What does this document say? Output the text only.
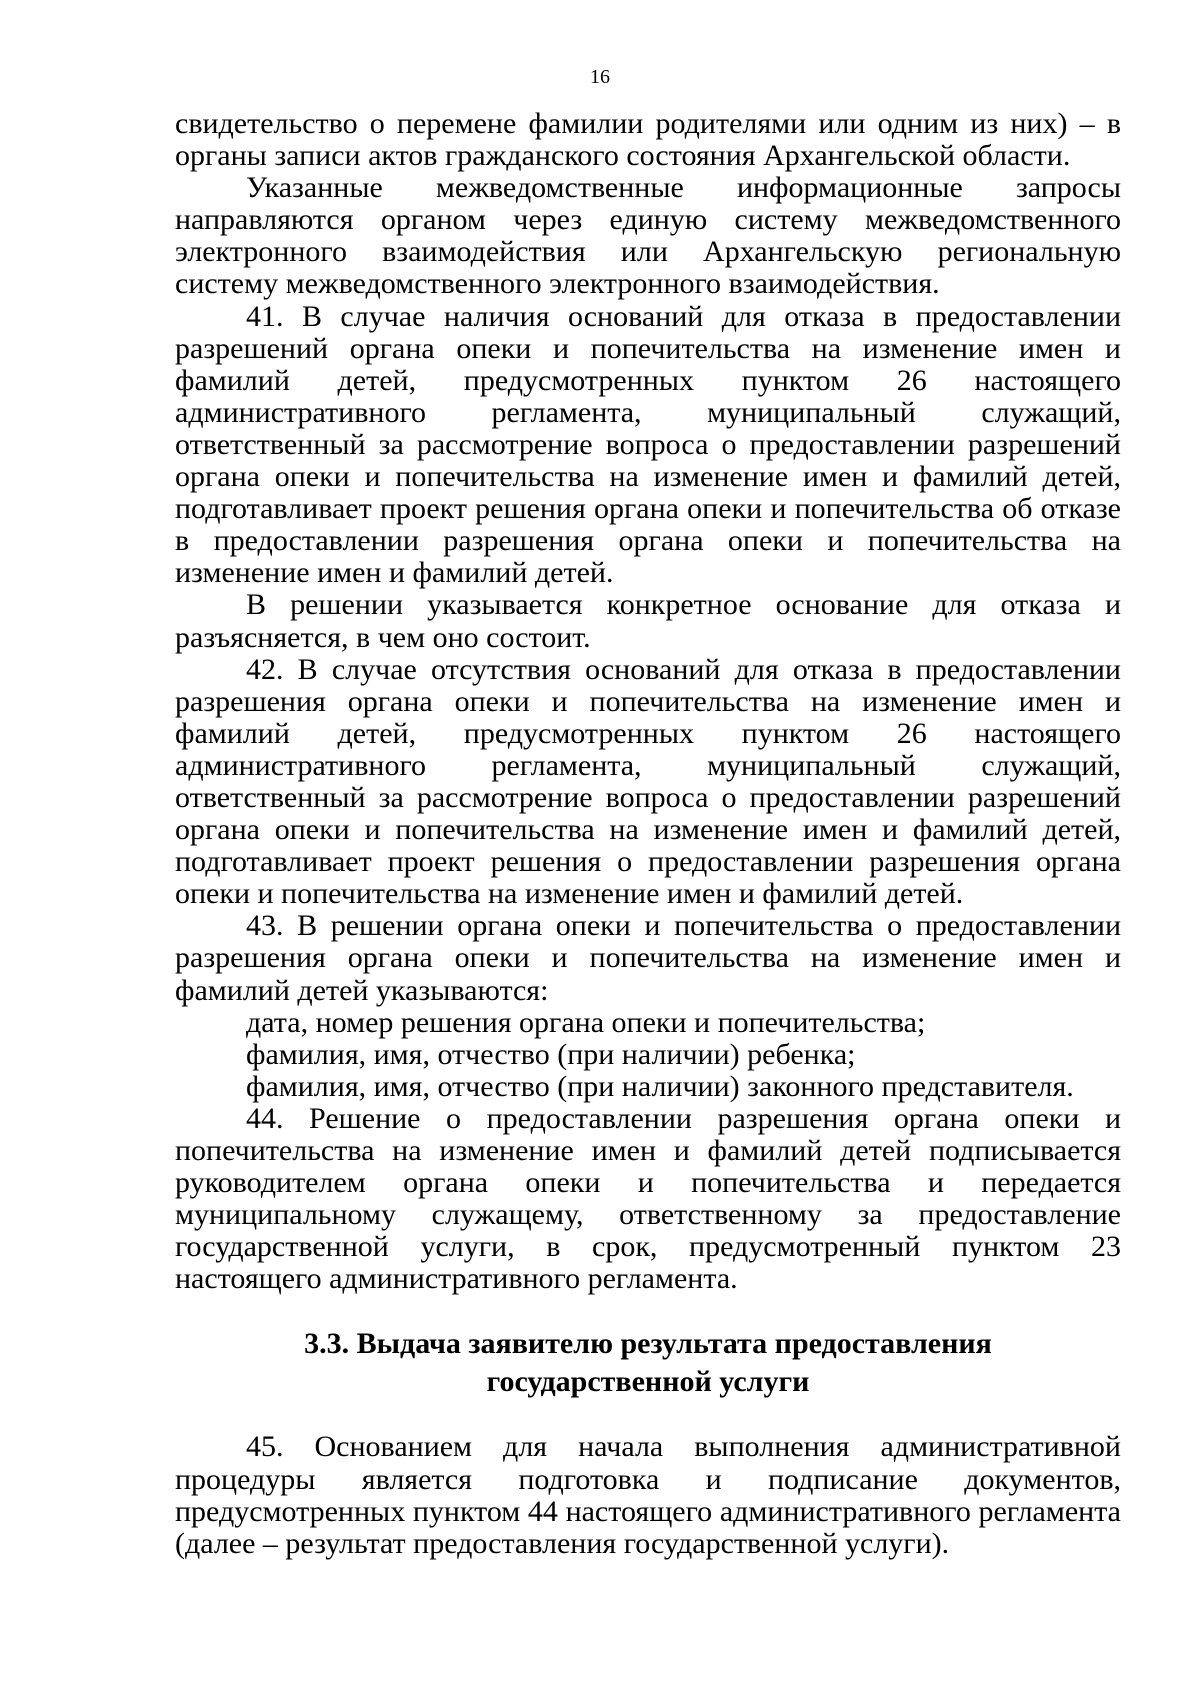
16

свидетельство о перемене фамилии родителями или одним из них) – в органы записи актов гражданского состояния Архангельской области.

Указанные межведомственные информационные запросы направляются органом через единую систему межведомственного электронного взаимодействия или Архангельскую региональную систему межведомственного электронного взаимодействия.

41. В случае наличия оснований для отказа в предоставлении разрешений органа опеки и попечительства на изменение имен и фамилий детей, предусмотренных пунктом 26 настоящего административного регламента, муниципальный служащий, ответственный за рассмотрение вопроса о предоставлении разрешений органа опеки и попечительства на изменение имен и фамилий детей, подготавливает проект решения органа опеки и попечительства об отказе в предоставлении разрешения органа опеки и попечительства на изменение имен и фамилий детей.

В решении указывается конкретное основание для отказа и разъясняется, в чем оно состоит.

42. В случае отсутствия оснований для отказа в предоставлении разрешения органа опеки и попечительства на изменение имен и фамилий детей, предусмотренных пунктом 26 настоящего административного регламента, муниципальный служащий, ответственный за рассмотрение вопроса о предоставлении разрешений органа опеки и попечительства на изменение имен и фамилий детей, подготавливает проект решения о предоставлении разрешения органа опеки и попечительства на изменение имен и фамилий детей.

43. В решении органа опеки и попечительства о предоставлении разрешения органа опеки и попечительства на изменение имен и фамилий детей указываются:

дата, номер решения органа опеки и попечительства;

фамилия, имя, отчество (при наличии) ребенка;

фамилия, имя, отчество (при наличии) законного представителя.

44. Решение о предоставлении разрешения органа опеки и попечительства на изменение имен и фамилий детей подписывается руководителем органа опеки и попечительства и передается муниципальному служащему, ответственному за предоставление государственной услуги, в срок, предусмотренный пунктом 23 настоящего административного регламента.

3.3. Выдача заявителю результата предоставления
государственной услуги

45. Основанием для начала выполнения административной процедуры является подготовка и подписание документов, предусмотренных пунктом 44 настоящего административного регламента (далее – результат предоставления государственной услуги).
